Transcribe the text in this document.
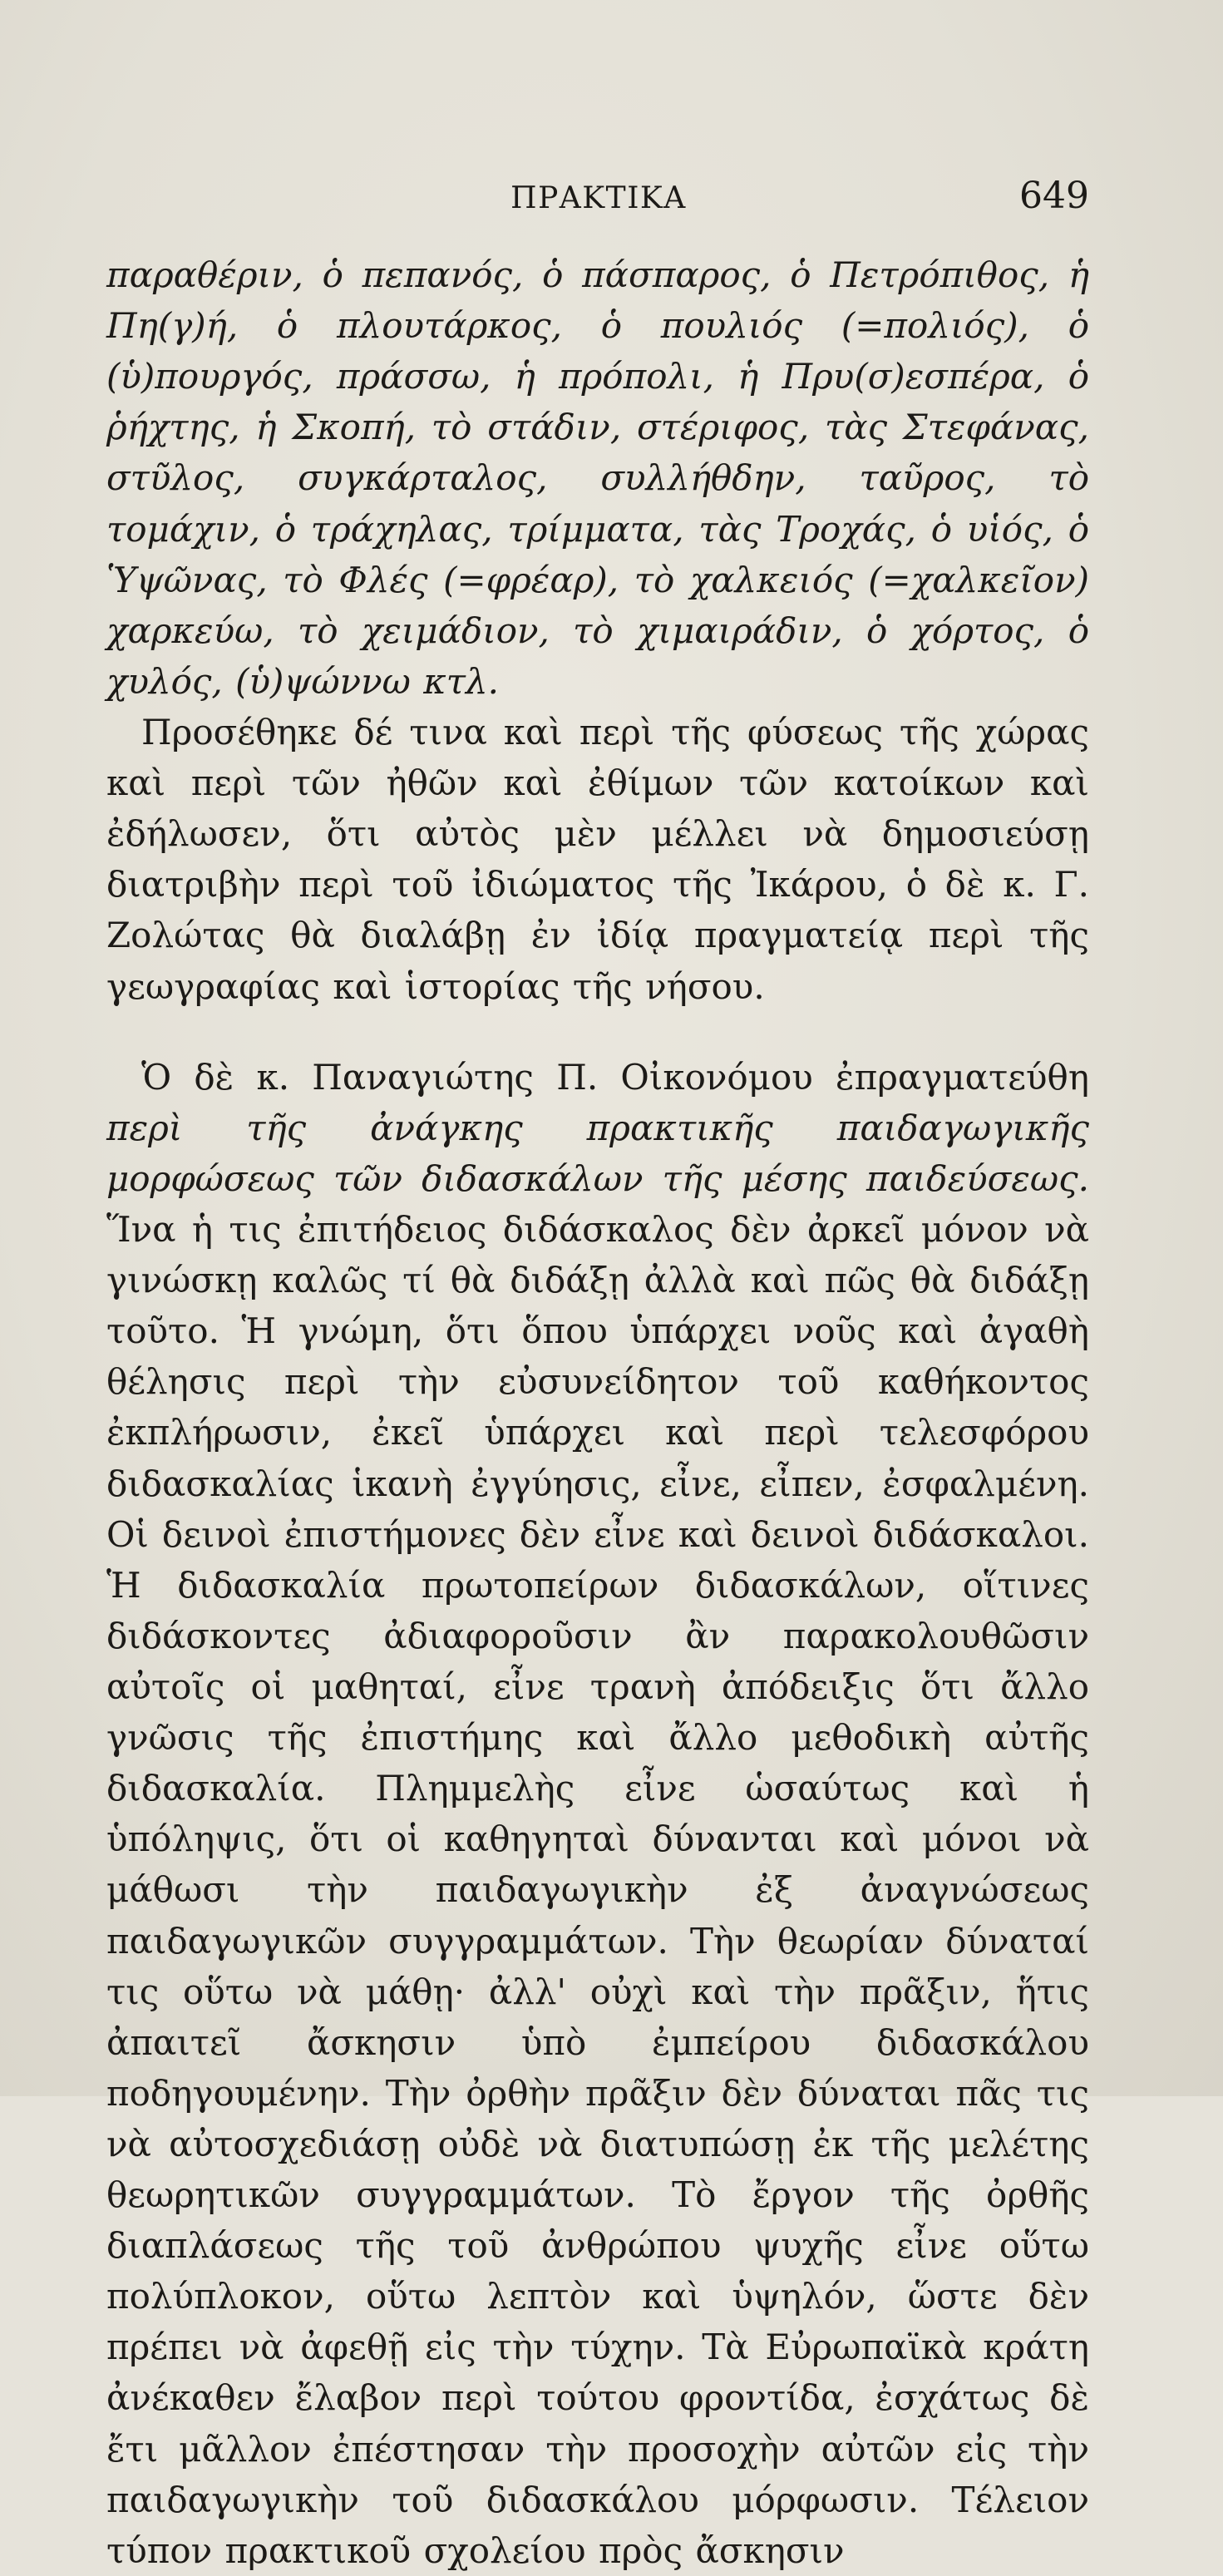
ΠΡΑΚΤΙΚΑ	649

παραθέριν, ὁ πεπανός, ὁ πάσπαρος, ὁ Πετρόπιθος, ἡ Πη(γ)ή, ὁ πλουτάρκος, ὁ πουλιός (=πολιός), ὁ (ὑ)πουργός, πράσσω, ἡ πρόπολι, ἡ Πρυ(σ)εσπέρα, ὁ ῥήχτης, ἡ Σκοπή, τὸ στάδιν, στέριφος, τὰς Στεφάνας, στῦλος, συγκάρταλος, συλλήθδην, ταῦρος, τὸ τομάχιν, ὁ τράχηλας, τρίμματα, τὰς Τροχάς, ὁ υἱός, ὁ Ὑψῶνας, τὸ Φλές (=φρέαρ), τὸ χαλκειός (=χαλκεῖον) χαρκεύω, τὸ χειμάδιον, τὸ χιμαιράδιν, ὁ χόρτος, ὁ χυλός, (ὑ)ψώννω κτλ.

Προσέθηκε δέ τινα καὶ περὶ τῆς φύσεως τῆς χώρας καὶ περὶ τῶν ἠθῶν καὶ ἐθίμων τῶν κατοίκων καὶ ἐδήλωσεν, ὅτι αὐτὸς μὲν μέλλει νὰ δημοσιεύσῃ διατριβὴν περὶ τοῦ ἰδιώματος τῆς Ἰκάρου, ὁ δὲ κ. Γ. Ζολώτας θὰ διαλάβῃ ἐν ἰδίᾳ πραγματείᾳ περὶ τῆς γεωγραφίας καὶ ἱστορίας τῆς νήσου.

Ὁ δὲ κ. Παναγιώτης Π. Οἰκονόμου ἐπραγματεύθη περὶ τῆς ἀνάγκης πρακτικῆς παιδαγωγικῆς μορφώσεως τῶν διδασκάλων τῆς μέσης παιδεύσεως. Ἵνα ἡ τις ἐπιτήδειος διδάσκαλος δὲν ἀρκεῖ μόνον νὰ γινώσκῃ καλῶς τί θὰ διδάξῃ ἀλλὰ καὶ πῶς θὰ διδάξῃ τοῦτο. Ἡ γνώμη, ὅτι ὅπου ὑπάρχει νοῦς καὶ ἀγαθὴ θέλησις περὶ τὴν εὐσυνείδητον τοῦ καθήκοντος ἐκπλήρωσιν, ἐκεῖ ὑπάρχει καὶ περὶ τελεσφόρου διδασκαλίας ἱκανὴ ἐγγύησις, εἶνε, εἶπεν, ἐσφαλμένη. Οἱ δεινοὶ ἐπιστήμονες δὲν εἶνε καὶ δεινοὶ διδάσκαλοι. Ἡ διδασκαλία πρωτοπείρων διδασκάλων, οἵτινες διδάσκοντες ἀδιαφοροῦσιν ἂν παρακολουθῶσιν αὐτοῖς οἱ μαθηταί, εἶνε τρανὴ ἀπόδειξις ὅτι ἄλλο γνῶσις τῆς ἐπιστήμης καὶ ἄλλο μεθοδικὴ αὐτῆς διδασκαλία. Πλημμελὴς εἶνε ὡσαύτως καὶ ἡ ὑπόληψις, ὅτι οἱ καθηγηταὶ δύνανται καὶ μόνοι νὰ μάθωσι τὴν παιδαγωγικὴν ἐξ ἀναγνώσεως παιδαγωγικῶν συγγραμμάτων. Τὴν θεωρίαν δύναταί τις οὕτω νὰ μάθῃ· ἀλλ' οὐχὶ καὶ τὴν πρᾶξιν, ἥτις ἀπαιτεῖ ἄσκησιν ὑπὸ ἐμπείρου διδασκάλου ποδηγουμένην. Τὴν ὀρθὴν πρᾶξιν δὲν δύναται πᾶς τις νὰ αὐτοσχεδιάσῃ οὐδὲ νὰ διατυπώσῃ ἐκ τῆς μελέτης θεωρητικῶν συγγραμμάτων. Τὸ ἔργον τῆς ὀρθῆς διαπλάσεως τῆς τοῦ ἀνθρώπου ψυχῆς εἶνε οὕτω πολύπλοκον, οὕτω λεπτὸν καὶ ὑψηλόν, ὥστε δὲν πρέπει νὰ ἀφεθῇ εἰς τὴν τύχην. Τὰ Εὐρωπαϊκὰ κράτη ἀνέκαθεν ἔλαβον περὶ τούτου φροντίδα, ἐσχάτως δὲ ἔτι μᾶλλον ἐπέστησαν τὴν προσοχὴν αὐτῶν εἰς τὴν παιδαγωγικὴν τοῦ διδασκάλου μόρφωσιν. Τέλειον τύπον πρακτικοῦ σχολείου πρὸς ἄσκησιν
